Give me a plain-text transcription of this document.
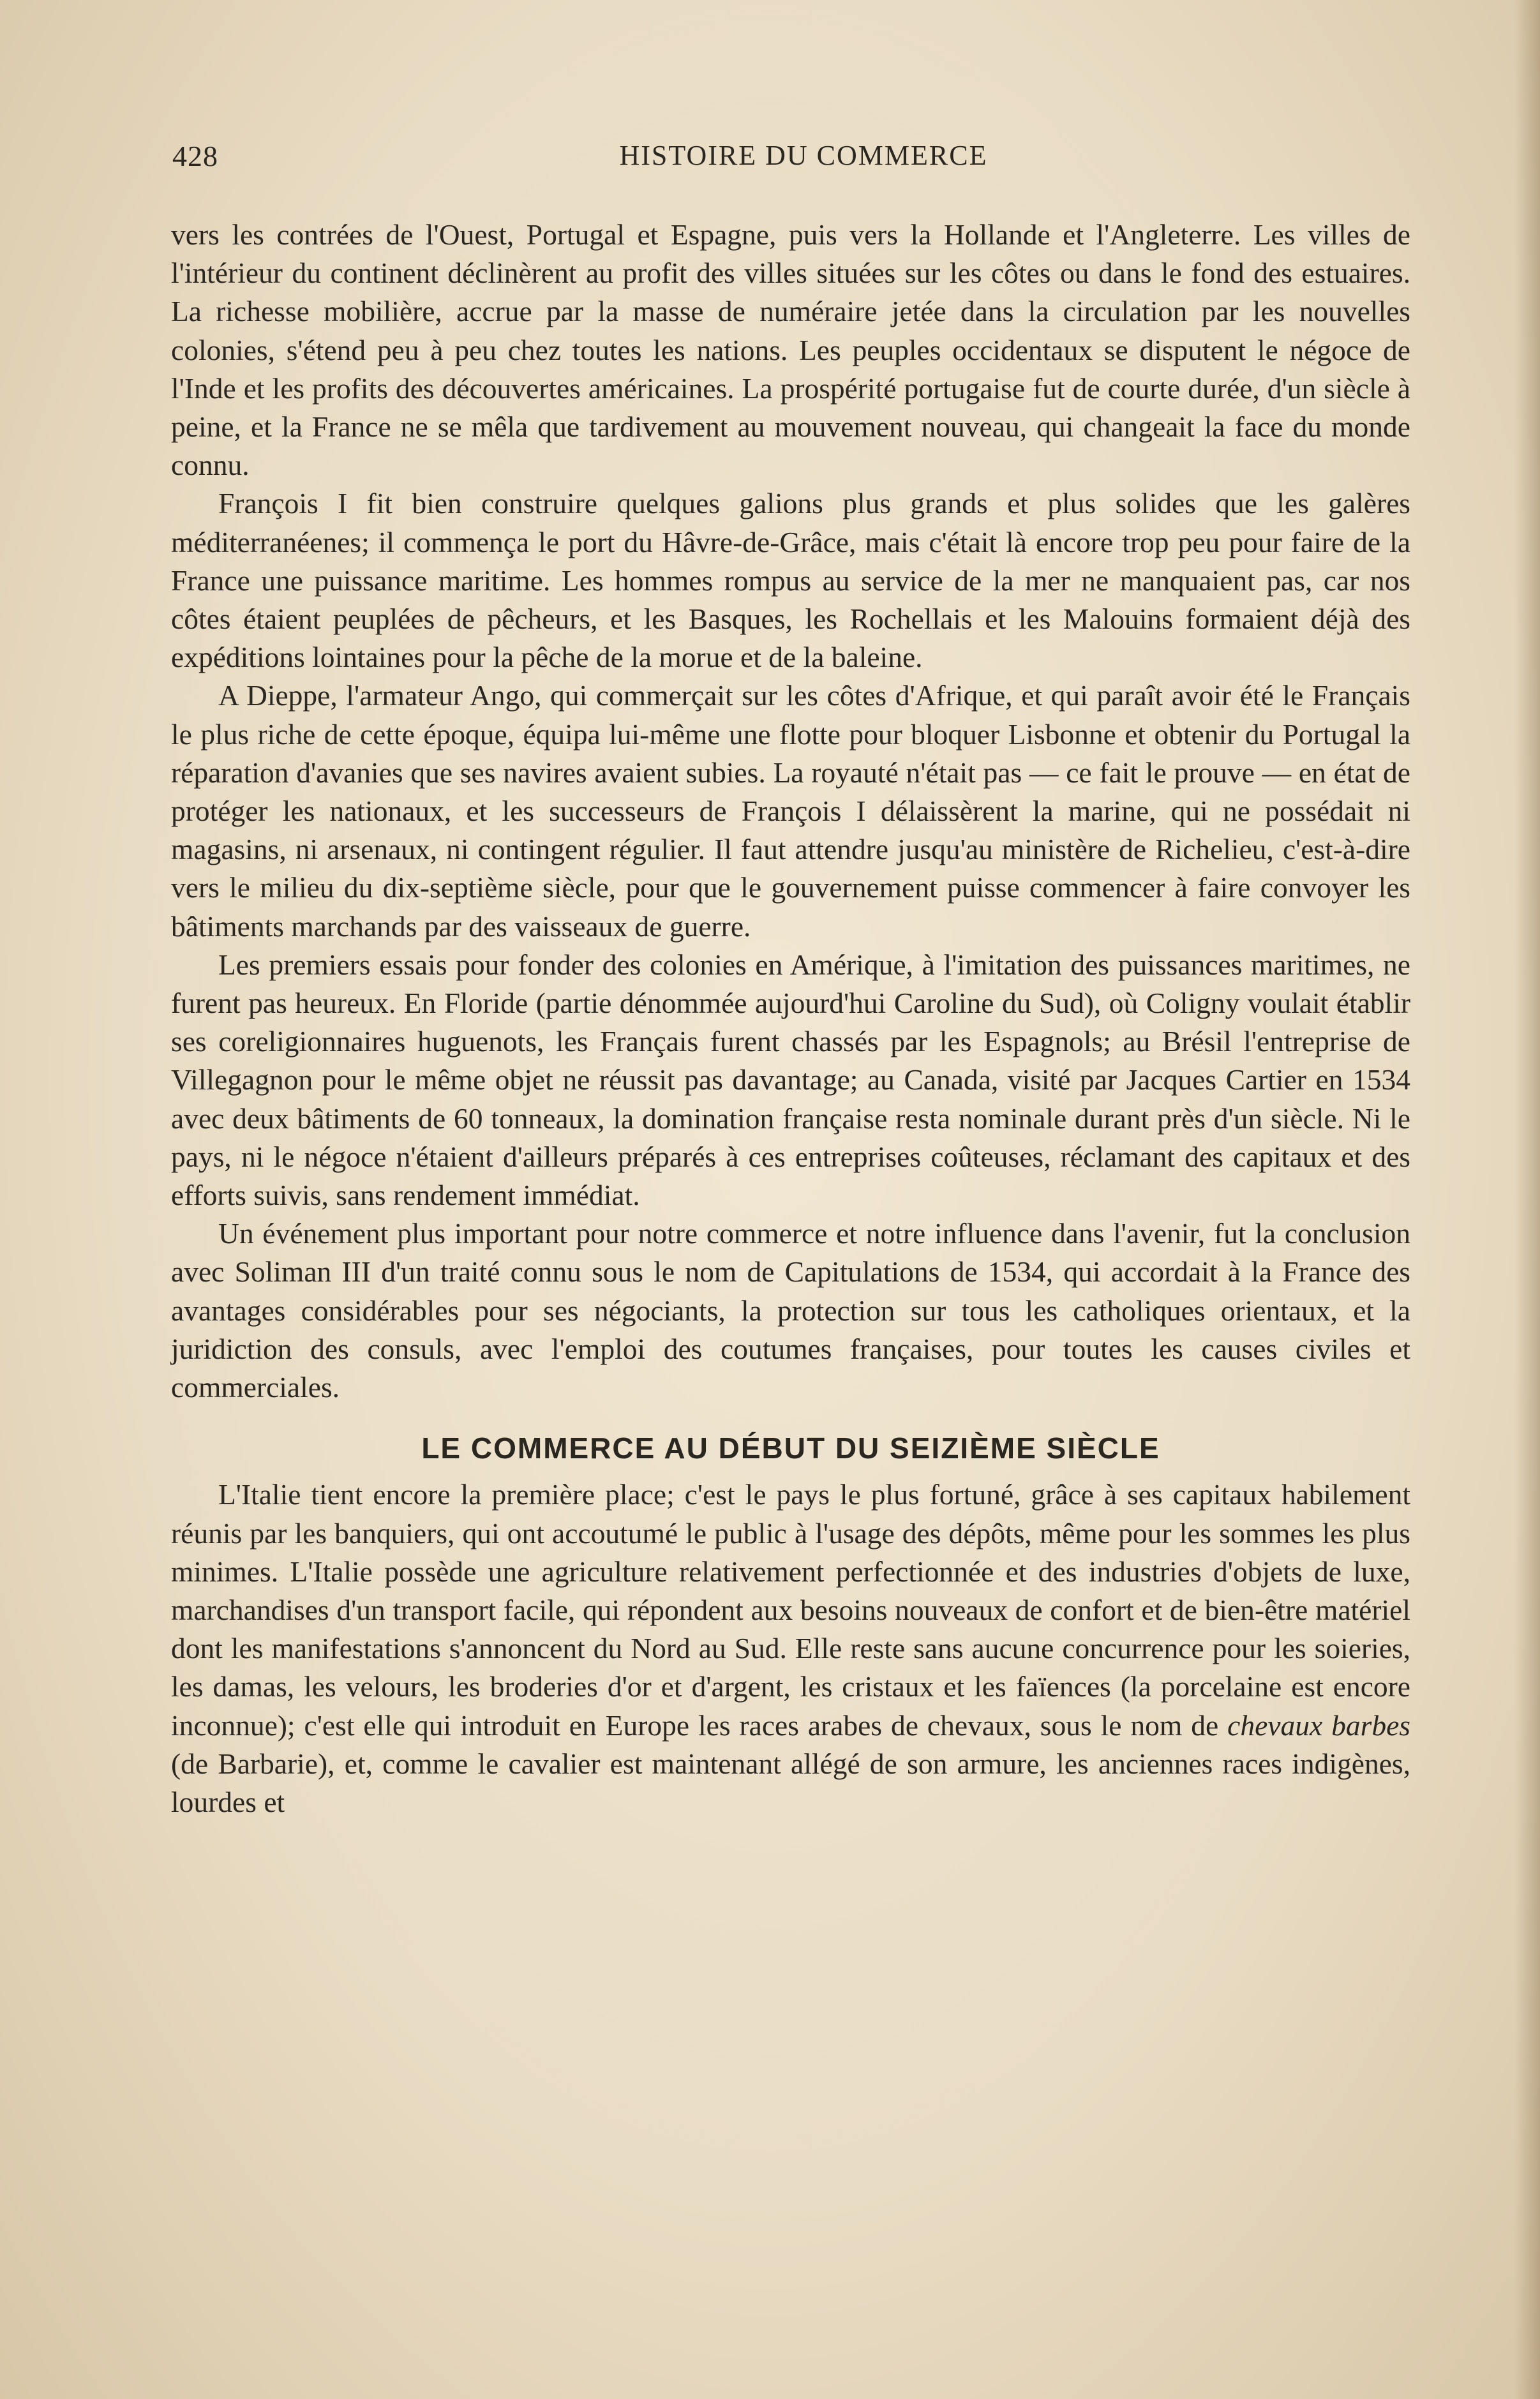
428	HISTOIRE DU COMMERCE

vers les contrées de l'Ouest, Portugal et Espagne, puis vers la Hollande et l'Angleterre. Les villes de l'intérieur du continent déclinèrent au profit des villes situées sur les côtes ou dans le fond des estuaires. La richesse mobilière, accrue par la masse de numéraire jetée dans la circulation par les nouvelles colonies, s'étend peu à peu chez toutes les nations. Les peuples occidentaux se disputent le négoce de l'Inde et les profits des découvertes américaines. La prospérité portugaise fut de courte durée, d'un siècle à peine, et la France ne se mêla que tardivement au mouvement nouveau, qui changeait la face du monde connu.

François I fit bien construire quelques galions plus grands et plus solides que les galères méditerranéenes; il commença le port du Hâvre-de-Grâce, mais c'était là encore trop peu pour faire de la France une puissance maritime. Les hommes rompus au service de la mer ne manquaient pas, car nos côtes étaient peuplées de pêcheurs, et les Basques, les Rochellais et les Malouins formaient déjà des expéditions lointaines pour la pêche de la morue et de la baleine.

A Dieppe, l'armateur Ango, qui commerçait sur les côtes d'Afrique, et qui paraît avoir été le Français le plus riche de cette époque, équipa lui-même une flotte pour bloquer Lisbonne et obtenir du Portugal la réparation d'avanies que ses navires avaient subies. La royauté n'était pas — ce fait le prouve — en état de protéger les nationaux, et les successeurs de François I délaissèrent la marine, qui ne possédait ni magasins, ni arsenaux, ni contingent régulier. Il faut attendre jusqu'au ministère de Richelieu, c'est-à-dire vers le milieu du dix-septième siècle, pour que le gouvernement puisse commencer à faire convoyer les bâtiments marchands par des vaisseaux de guerre.

Les premiers essais pour fonder des colonies en Amérique, à l'imitation des puissances maritimes, ne furent pas heureux. En Floride (partie dénommée aujourd'hui Caroline du Sud), où Coligny voulait établir ses coreligionnaires huguenots, les Français furent chassés par les Espagnols; au Brésil l'entreprise de Villegagnon pour le même objet ne réussit pas davantage; au Canada, visité par Jacques Cartier en 1534 avec deux bâtiments de 60 tonneaux, la domination française resta nominale durant près d'un siècle. Ni le pays, ni le négoce n'étaient d'ailleurs préparés à ces entreprises coûteuses, réclamant des capitaux et des efforts suivis, sans rendement immédiat.

Un événement plus important pour notre commerce et notre influence dans l'avenir, fut la conclusion avec Soliman III d'un traité connu sous le nom de Capitulations de 1534, qui accordait à la France des avantages considérables pour ses négociants, la protection sur tous les catholiques orientaux, et la juridiction des consuls, avec l'emploi des coutumes françaises, pour toutes les causes civiles et commerciales.

LE COMMERCE AU DÉBUT DU SEIZIÈME SIÈCLE

L'Italie tient encore la première place; c'est le pays le plus fortuné, grâce à ses capitaux habilement réunis par les banquiers, qui ont accoutumé le public à l'usage des dépôts, même pour les sommes les plus minimes. L'Italie possède une agriculture relativement perfectionnée et des industries d'objets de luxe, marchandises d'un transport facile, qui répondent aux besoins nouveaux de confort et de bien-être matériel dont les manifestations s'annoncent du Nord au Sud. Elle reste sans aucune concurrence pour les soieries, les damas, les velours, les broderies d'or et d'argent, les cristaux et les faïences (la porcelaine est encore inconnue); c'est elle qui introduit en Europe les races arabes de chevaux, sous le nom de chevaux barbes (de Barbarie), et, comme le cavalier est maintenant allégé de son armure, les anciennes races indigènes, lourdes et
